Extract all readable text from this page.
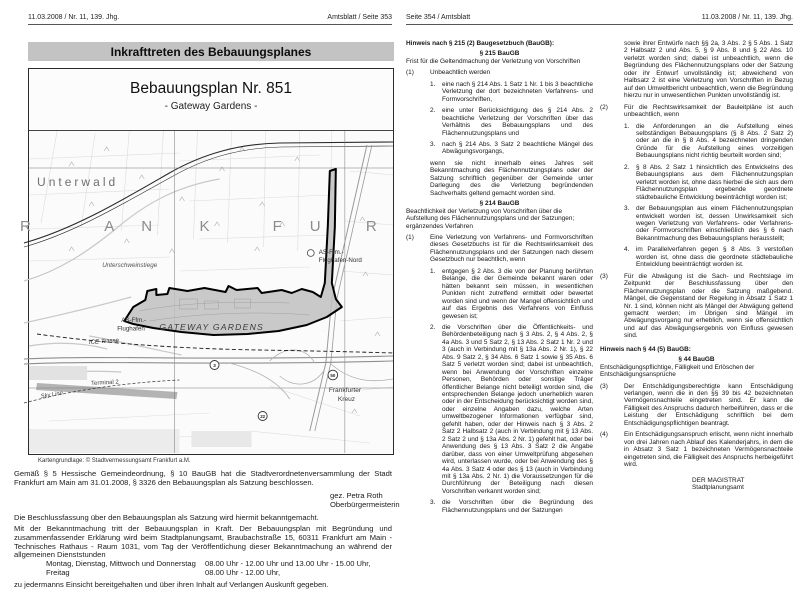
11.03.2008 / Nr. 11, 139. Jhg.	Amtsblatt / Seite 353
Inkrafttreten des Bebauungsplanes
Bebauungsplan Nr. 851
- Gateway Gardens -
3
50
22
Unterwald
R	A N	K	F U	R
Unterschweinstiege
AS-Ffm.-
Flughafen-Nord
AS-Ffm.-
Flughafen GATEWAY GARDENS
ICE-Trasse
Terminal 2
Sky Line
Frankfurter
Kreuz
Kartengrundlage: © Stadtvermessungsamt Frankfurt a.M.
Gemäß § 5 Hessische Gemeindeordnung, § 10 BauGB hat die Stadtverordnetenversammlung der Stadt Frankfurt am Main am 31.01.2008, § 3326 den Bebauungsplan als Satzung beschlossen.
gez. Petra Roth
Oberbürgermeisterin
Die Beschlussfassung über den Bebauungsplan als Satzung wird hiermit bekanntgemacht.
Mit der Bekanntmachung tritt der Bebauungsplan in Kraft. Der Bebauungsplan mit Begründung und zusammenfassender Erklärung wird beim Stadtplanungsamt, Braubachstraße 15, 60311 Frankfurt am Main - Technisches Rathaus - Raum 1031, vom Tag der Veröffentlichung dieser Bekanntmachung an während der allgemeinen Dienststunden
Montag, Dienstag, Mittwoch und Donnerstag	08.00 Uhr - 12.00 Uhr und 13.00 Uhr - 15.00 Uhr,
Freitag	08.00 Uhr - 12.00 Uhr,
zu jedermanns Einsicht bereitgehalten und über ihren Inhalt auf Verlangen Auskunft gegeben.
Seite 354 / Amtsblatt	11.03.2008 / Nr. 11, 139. Jhg.
Hinweis nach § 215 (2) Baugesetzbuch (BauGB):
§ 215 BauGB
Frist für die Geltendmachung der Verletzung von Vorschriften
(1)	Unbeachtlich werden
1. eine nach § 214 Abs. 1 Satz 1 Nr. 1 bis 3 beachtliche Verletzung der dort bezeichneten Verfahrens- und Formvorschriften,
2. eine unter Berücksichtigung des § 214 Abs. 2 beachtliche Verletzung der Vorschriften über das Verhältnis des Bebauungsplans und des Flächennutzungsplans und
3. nach § 214 Abs. 3 Satz 2 beachtliche Mängel des Abwägungsvorgangs,
wenn sie nicht innerhalb eines Jahres seit Bekanntmachung des Flächennutzungsplans oder der Satzung schriftlich gegenüber der Gemeinde unter Darlegung des die Verletzung begründenden Sachverhalts geltend gemacht worden sind.
§ 214 BauGB
Beachtlichkeit der Verletzung von Vorschriften über die Aufstellung des Flächennutzungsplans und der Satzungen; ergänzendes Verfahren
(1)	Eine Verletzung von Verfahrens- und Formvorschriften dieses Gesetzbuchs ist für die Rechtswirksamkeit des Flächennutzungsplans und der Satzungen nach diesem Gesetzbuch nur beachtlich, wenn
1. entgegen § 2 Abs. 3 die von der Planung berührten Belange, die der Gemeinde bekannt waren oder hätten bekannt sein müssen, in wesentlichen Punkten nicht zutreffend ermittelt oder bewertet worden sind und wenn der Mangel offensichtlich und auf das Ergebnis des Verfahrens von Einfluss gewesen ist;
2. die Vorschriften über die Öffentlichkeits- und Behördenbeteiligung nach § 3 Abs. 2, § 4 Abs. 2, § 4a Abs. 3 und 5 Satz 2, § 13 Abs. 2 Satz 1 Nr. 2 und 3 (auch in Verbindung mit § 13a Abs. 2 Nr. 1), § 22 Abs. 9 Satz 2, § 34 Abs. 6 Satz 1 sowie § 35 Abs. 6 Satz 5 verletzt worden sind; dabei ist unbeachtlich, wenn bei Anwendung der Vorschriften einzelne Personen, Behörden oder sonstige Träger öffentlicher Belange nicht beteiligt worden sind, die entsprechenden Belange jedoch unerheblich waren oder in der Entscheidung berücksichtigt worden sind, oder einzelne Angaben dazu, welche Arten umweltbezogener Informationen verfügbar sind, gefehlt haben, oder der Hinweis nach § 3 Abs. 2 Satz 2 Halbsatz 2 (auch in Verbindung mit § 13 Abs. 2 Satz 2 und § 13a Abs. 2 Nr. 1) gefehlt hat, oder bei Anwendung des § 13 Abs. 3 Satz 2 die Angabe darüber, dass von einer Umweltprüfung abgesehen wird, unterlassen wurde, oder bei Anwendung des § 4a Abs. 3 Satz 4 oder des § 13 (auch in Verbindung mit § 13a Abs. 2 Nr. 1) die Voraussetzungen für die Durchführung der Beteiligung nach diesen Vorschriften verkannt worden sind;
3. die Vorschriften über die Begründung des Flächennutzungsplans und der Satzungen
sowie ihrer Entwürfe nach §§ 2a, 3 Abs. 2 § 5 Abs. 1 Satz 2 Halbsatz 2 und Abs. 5, § 9 Abs. 8 und § 22 Abs. 10 verletzt worden sind; dabei ist unbeachtlich, wenn die Begründung des Flächennutzungsplans oder der Satzung oder ihr Entwurf unvollständig ist; abweichend von Halbsatz 2 ist eine Verletzung von Vorschriften in Bezug auf den Umweltbericht unbeachtlich, wenn die Begründung hierzu nur in unwesentlichen Punkten unvollständig ist.
(2)	Für die Rechtswirksamkeit der Bauleitpläne ist auch unbeachtlich, wenn
1. die Anforderungen an die Aufstellung eines selbständigen Bebauungsplans (§ 8 Abs. 2 Satz 2) oder an die in § 8 Abs. 4 bezeichneten dringenden Gründe für die Aufstellung eines vorzeitigen Bebauungsplans nicht richtig beurteilt worden sind;
2. § 8 Abs. 2 Satz 1 hinsichtlich des Entwickelns des Bebauungsplans aus dem Flächennutzungsplan verletzt worden ist, ohne dass hierbei die sich aus dem Flächennutzungsplan ergebende geordnete städtebauliche Entwicklung beeinträchtigt worden ist;
3. der Bebauungsplan aus einem Flächennutzungsplan entwickelt worden ist, dessen Unwirksamkeit sich wegen Verletzung von Verfahrens- oder Verfahrens- oder Formvorschriften einschließlich des § 6 nach Bekanntmachung des Bebauungsplans herausstellt;
4. im Parallelverfahren gegen § 8 Abs. 3 verstoßen worden ist, ohne dass die geordnete städtebauliche Entwicklung beeinträchtigt worden ist.
(3)	Für die Abwägung ist die Sach- und Rechtslage im Zeitpunkt der Beschlussfassung über den Flächennutzungsplan oder die Satzung maßgebend. Mängel, die Gegenstand der Regelung in Absatz 1 Satz 1 Nr. 1 sind, können nicht als Mängel der Abwägung geltend gemacht werden; im Übrigen sind Mängel im Abwägungsvorgang nur erheblich, wenn sie offensichtlich und auf das Abwägungsergebnis von Einfluss gewesen sind.
Hinweis nach § 44 (5) BauGB:
§ 44 BauGB
Entschädigungspflichtige, Fälligkeit und Erlöschen der Entschädigungsansprüche
(3)	Der Entschädigungsberechtigte kann Entschädigung verlangen, wenn die in den §§ 39 bis 42 bezeichneten Vermögensnachteile eingetreten sind. Er kann die Fälligkeit des Anspruchs dadurch herbeiführen, dass er die Leistung der Entschädigung schriftlich bei dem Entschädigungspflichtigen beantragt.
(4)	Ein Entschädigungsanspruch erlischt, wenn nicht innerhalb von drei Jahren nach Ablauf des Kalenderjahrs, in dem die in Absatz 3 Satz 1 bezeichneten Vermögensnachteile eingetreten sind, die Fälligkeit des Anspruchs herbeigeführt wird.
DER MAGISTRAT
Stadtplanungsamt
